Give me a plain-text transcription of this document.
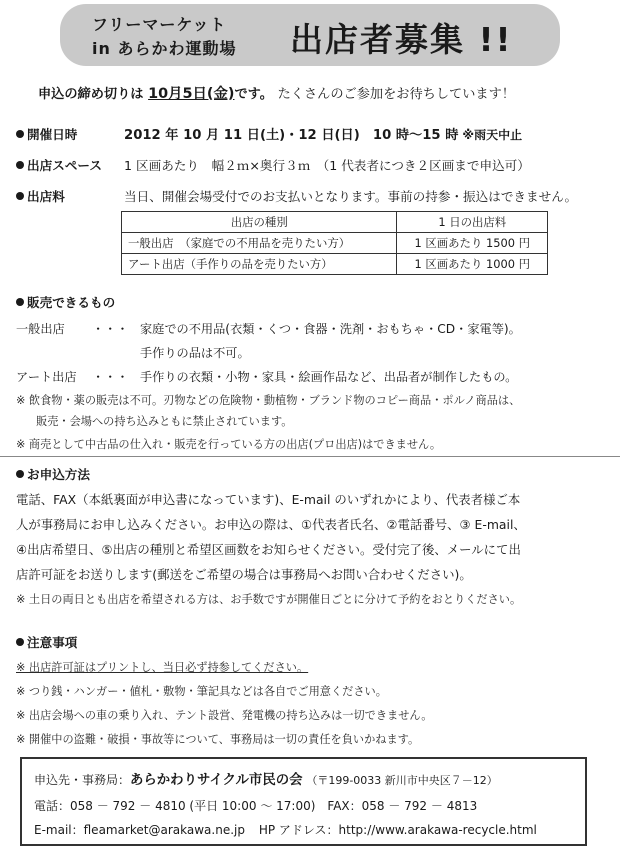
フリーマーケット
in あらかわ運動場 出店者募集 !!
申込の締め切りは 10月5日(金)です。 たくさんのご参加をお待ちしています！
開催日時	2012 年 10 月 11 日(土)・12 日(日)　10 時～15 時 ※雨天中止
出店スペース 1 区画あたり　幅２ｍ×奥行３ｍ　（1 代表者につき２区画まで申込可）
出店料	当日、開催会場受付でのお支払いとなります。事前の持参・振込はできません。
出店の種別	1 日の出店料
一般出店　（家庭での不用品を売りたい方）	1 区画あたり 1500 円
アート出店（手作りの品を売りたい方）	1 区画あたり 1000 円
販売できるもの
一般出店 ・・・ 家庭での不用品(衣類・くつ・食器・洗剤・おもちゃ・CD・家電等)。
手作りの品は不可。
アート出店 ・・・ 手作りの衣類・小物・家具・絵画作品など、出品者が制作したもの。
※ 飲食物・薬の販売は不可。刃物などの危険物・動植物・ブランド物のコピー商品・ポルノ商品は、
販売・会場への持ち込みともに禁止されています。
※ 商売として中古品の仕入れ・販売を行っている方の出店(プロ出店)はできません。
お申込方法
電話、FAX（本紙裏面が申込書になっています)、E-mail のいずれかにより、代表者様ご本
人が事務局にお申し込みください。お申込の際は、①代表者氏名、②電話番号、③ E-mail、
④出店希望日、⑤出店の種別と希望区画数をお知らせください。受付完了後、メールにて出
店許可証をお送りします(郵送をご希望の場合は事務局へお問い合わせください)。
※ 土日の両日とも出店を希望される方は、お手数ですが開催日ごとに分けて予約をおとりください。
注意事項
※ 出店許可証はプリントし、当日必ず持参してください。
※ つり銭・ハンガー・値札・敷物・筆記具などは各自でご用意ください。
※ 出店会場への車の乗り入れ、テント設営、発電機の持ち込みは一切できません。
※ 開催中の盗難・破損・事故等について、事務局は一切の責任を負いかねます。
申込先・事務局：あらかわりサイクル市民の会 （〒199-0033 新川市中央区７－12）
電話：058 － 792 － 4810 (平日 10:00 ～ 17:00)　FAX：058 － 792 － 4813
E-mail：fleamarket@arakawa.ne.jp HP アドレス：http://www.arakawa-recycle.html
